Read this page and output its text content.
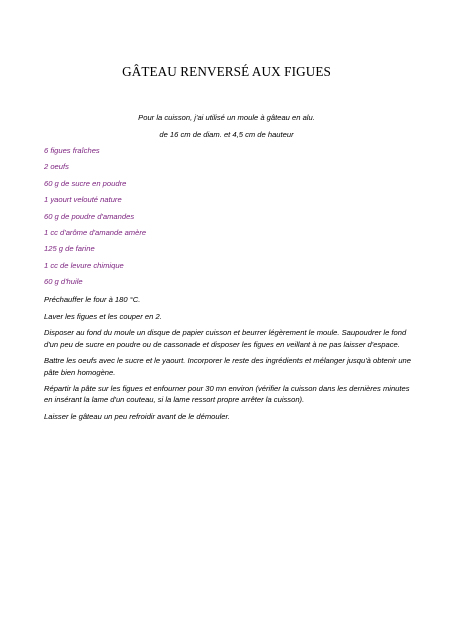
GÂTEAU RENVERSÉ AUX FIGUES
Pour la cuisson, j'ai utilisé un moule à gâteau en alu.
de 16 cm de diam. et 4,5 cm de hauteur
6 figues fraîches
2 oeufs
60 g de sucre en poudre
1 yaourt velouté nature
60 g de poudre d'amandes
1 cc d'arôme d'amande amère
125 g de farine
1 cc de levure chimique
60 g d'huile

Préchauffer le four à 180 °C.

Laver les figues et les couper en 2.

Disposer au fond du moule un disque de papier cuisson et beurrer légèrement le moule. Saupoudrer le fond d'un peu de sucre en poudre ou de cassonade et disposer les figues en veillant à ne pas laisser d'espace.

Battre les oeufs avec le sucre et le yaourt. Incorporer le reste des ingrédients et mélanger jusqu'à obtenir une pâte bien homogène.

Répartir la pâte sur les figues et enfourner pour 30 mn environ (vérifier la cuisson dans les dernières minutes en insérant la lame d'un couteau, si la lame ressort propre arrêter la cuisson).

Laisser le gâteau un peu refroidir avant de le démouler.
